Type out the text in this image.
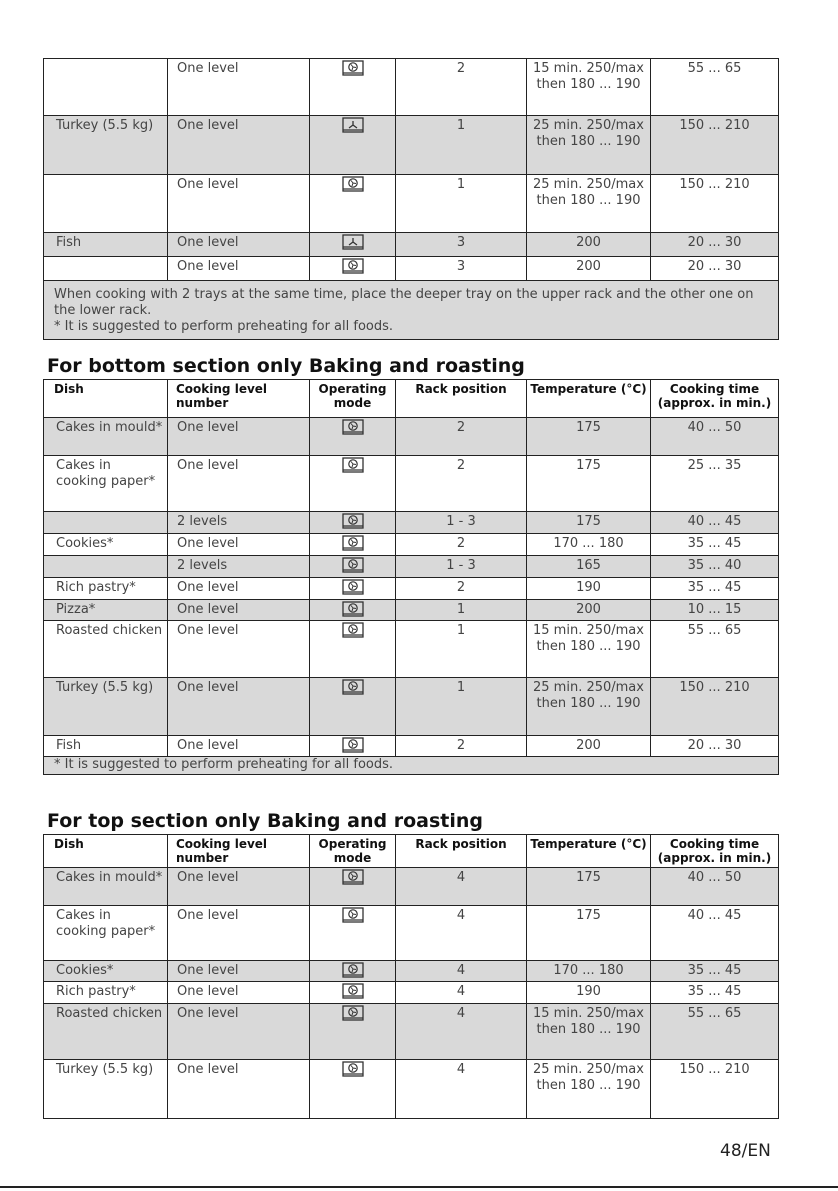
	One level		2	15 min. 250/max then 180 ... 190	55 ... 65
Turkey (5.5 kg)	One level		1	25 min. 250/max then 180 ... 190	150 ... 210
	One level		1	25 min. 250/max then 180 ... 190	150 ... 210
Fish	One level		3	200	20 ... 30
	One level		3	200	20 ... 30

When cooking with 2 trays at the same time, place the deeper tray on the upper rack and the other one on the lower rack.
* It is suggested to perform preheating for all foods.					
For bottom section only Baking and roasting
Dish	Cooking level number	Operating mode	Rack position	Temperature (°C)	Cooking time (approx. in min.)
Cakes in mould*	One level		2	175	40 ... 50
Cakes in cooking paper*	One level		2	175	25 ... 35
	2 levels		1 - 3	175	40 ... 45
Cookies*	One level		2	170 ... 180	35 ... 45
	2 levels		1 - 3	165	35 ... 40
Rich pastry*	One level		2	190	35 ... 45
Pizza*	One level		1	200	10 ... 15
Roasted chicken	One level		1	15 min. 250/max then 180 ... 190	55 ... 65
Turkey (5.5 kg)	One level		1	25 min. 250/max then 180 ... 190	150 ... 210
Fish	One level		2	200	20 ... 30
* It is suggested to perform preheating for all foods.					
For top section only Baking and roasting
Dish	Cooking level number	Operating mode	Rack position	Temperature (°C)	Cooking time (approx. in min.)
Cakes in mould*	One level		4	175	40 ... 50
Cakes in cooking paper*	One level		4	175	40 ... 45
Cookies*	One level		4	170 ... 180	35 ... 45
Rich pastry*	One level		4	190	35 ... 45
Roasted chicken	One level		4	15 min. 250/max then 180 ... 190	55 ... 65
Turkey (5.5 kg)	One level		4	25 min. 250/max then 180 ... 190	150 ... 210
48/EN
